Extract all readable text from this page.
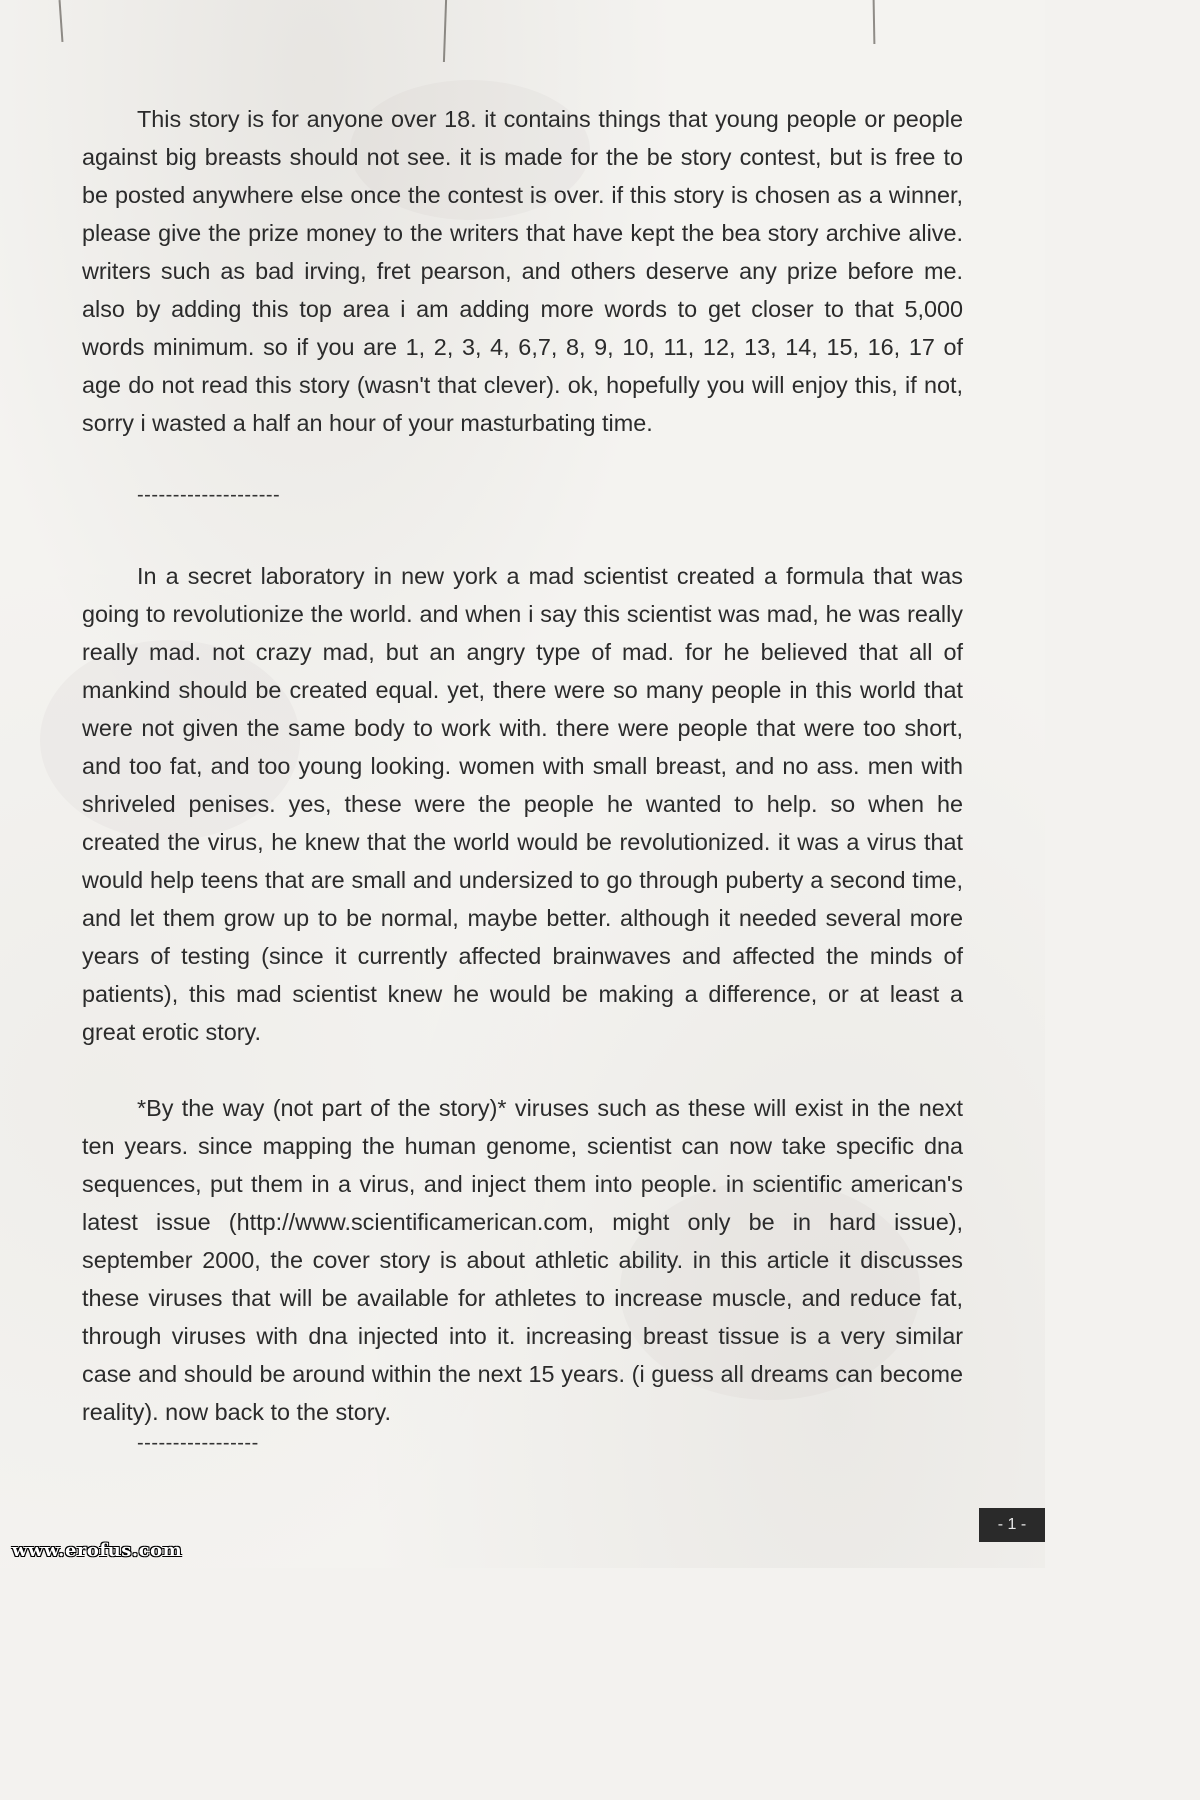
This story is for anyone over 18. it contains things that young people or people against big breasts should not see. it is made for the be story contest, but is free to be posted anywhere else once the contest is over. if this story is chosen as a winner, please give the prize money to the writers that have kept the bea story archive alive. writers such as bad irving, fret pearson, and others deserve any prize before me. also by adding this top area i am adding more words to get closer to that 5,000 words minimum. so if you are 1, 2, 3, 4, 6,7, 8, 9, 10, 11, 12, 13, 14, 15, 16, 17 of age do not read this story (wasn't that clever). ok, hopefully you will enjoy this, if not, sorry i wasted a half an hour of your masturbating time.

--------------------

In a secret laboratory in new york a mad scientist created a formula that was going to revolutionize the world. and when i say this scientist was mad, he was really really mad. not crazy mad, but an angry type of mad. for he believed that all of mankind should be created equal. yet, there were so many people in this world that were not given the same body to work with. there were people that were too short, and too fat, and too young looking. women with small breast, and no ass. men with shriveled penises. yes, these were the people he wanted to help. so when he created the virus, he knew that the world would be revolutionized. it was a virus that would help teens that are small and undersized to go through puberty a second time, and let them grow up to be normal, maybe better. although it needed several more years of testing (since it currently affected brainwaves and affected the minds of patients), this mad scientist knew he would be making a difference, or at least a great erotic story.

*By the way (not part of the story)* viruses such as these will exist in the next ten years. since mapping the human genome, scientist can now take specific dna sequences, put them in a virus, and inject them into people. in scientific american's latest issue (http://www.scientificamerican.com, might only be in hard issue), september 2000, the cover story is about athletic ability. in this article it discusses these viruses that will be available for athletes to increase muscle, and reduce fat, through viruses with dna injected into it. increasing breast tissue is a very similar case and should be around within the next 15 years. (i guess all dreams can become reality). now back to the story.

-----------------
- 1 -
www.erofus.com
